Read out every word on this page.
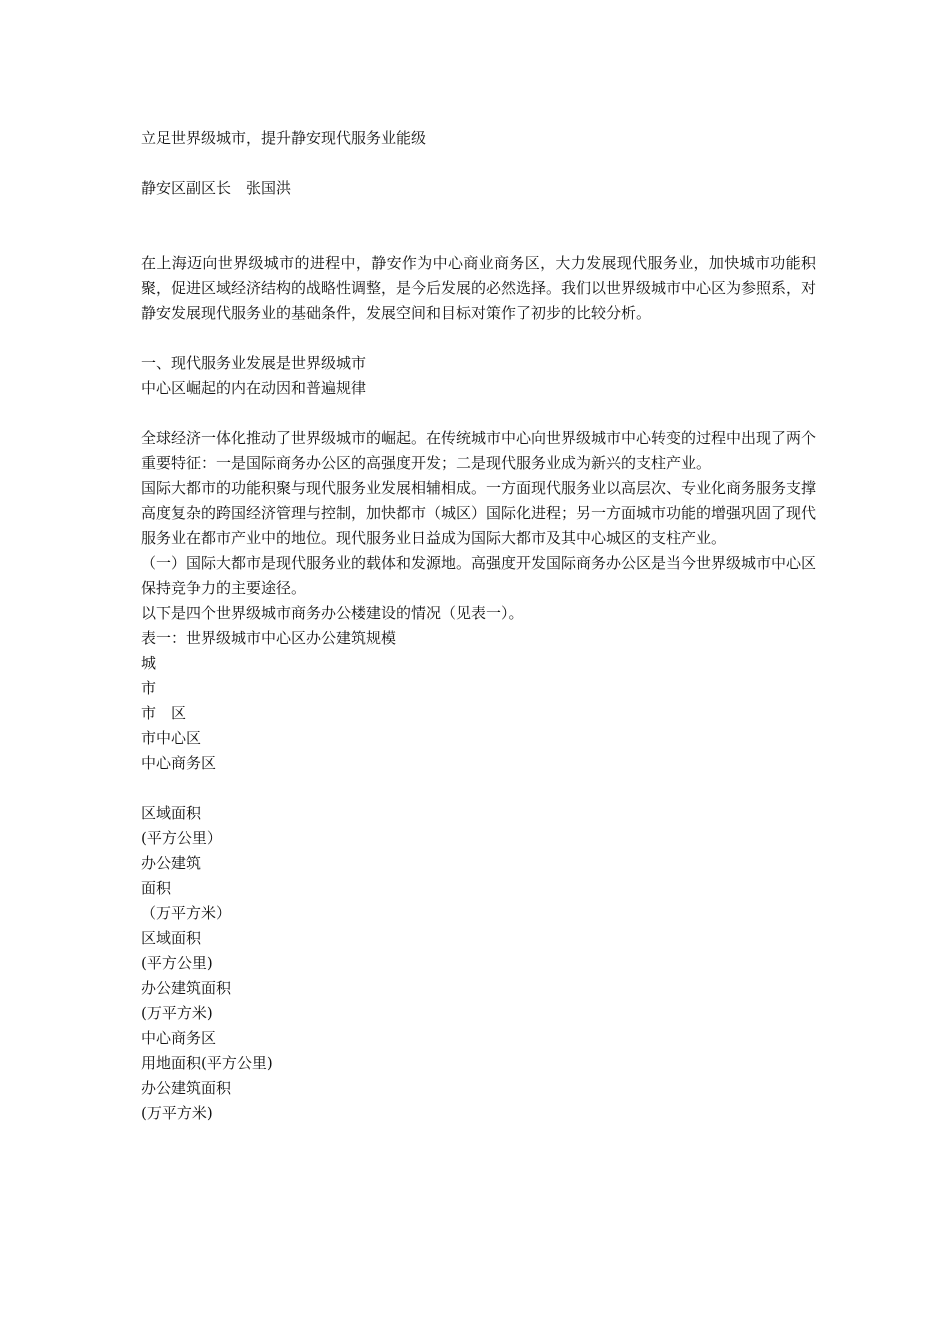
立足世界级城市，提升静安现代服务业能级
静安区副区长　张国洪
在上海迈向世界级城市的进程中，静安作为中心商业商务区，大力发展现代服务业，加快城市功能积聚，促进区域经济结构的战略性调整，是今后发展的必然选择。我们以世界级城市中心区为参照系，对静安发展现代服务业的基础条件，发展空间和目标对策作了初步的比较分析。
一、现代服务业发展是世界级城市
中心区崛起的内在动因和普遍规律
全球经济一体化推动了世界级城市的崛起。在传统城市中心向世界级城市中心转变的过程中出现了两个重要特征：一是国际商务办公区的高强度开发；二是现代服务业成为新兴的支柱产业。
国际大都市的功能积聚与现代服务业发展相辅相成。一方面现代服务业以高层次、专业化商务服务支撑高度复杂的跨国经济管理与控制，加快都市（城区）国际化进程；另一方面城市功能的增强巩固了现代服务业在都市产业中的地位。现代服务业日益成为国际大都市及其中心城区的支柱产业。
（一）国际大都市是现代服务业的载体和发源地。高强度开发国际商务办公区是当今世界级城市中心区保持竞争力的主要途径。
以下是四个世界级城市商务办公楼建设的情况（见表一）。
表一：世界级城市中心区办公建筑规模
城
市
市　区
市中心区
中心商务区
区域面积
(平方公里）
办公建筑
面积
（万平方米）
区域面积
(平方公里)
办公建筑面积
(万平方米)
中心商务区
用地面积(平方公里)
办公建筑面积
(万平方米)
